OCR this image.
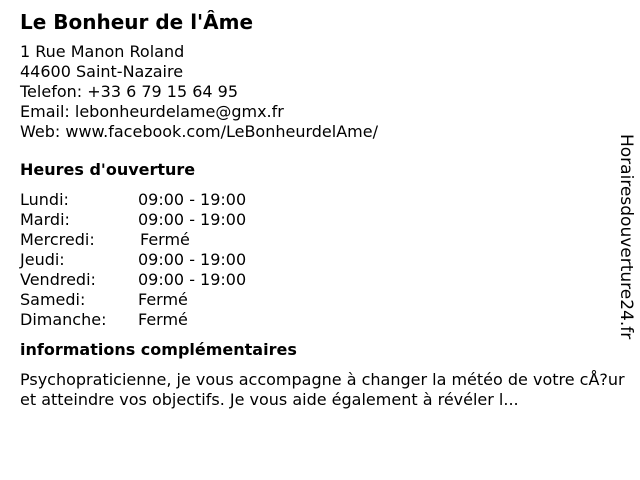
Le Bonheur de l'Âme
1 Rue Manon Roland
44600 Saint-Nazaire
Telefon: +33 6 79 15 64 95
Email: lebonheurdelame@gmx.fr
Web: www.facebook.com/LeBonheurdelAme/
Heures d'ouverture
Lundi:	09:00 - 19:00
Mardi:	09:00 - 19:00
Mercredi:	Fermé
Jeudi:	09:00 - 19:00
Vendredi:	09:00 - 19:00
Samedi:	Fermé
Dimanche: Fermé
informations complémentaires
Psychopraticienne, je vous accompagne à changer la météo de votre cÅ?ur et atteindre vos objectifs. Je vous aide également à révéler l...
Horairesdouverture24.fr
